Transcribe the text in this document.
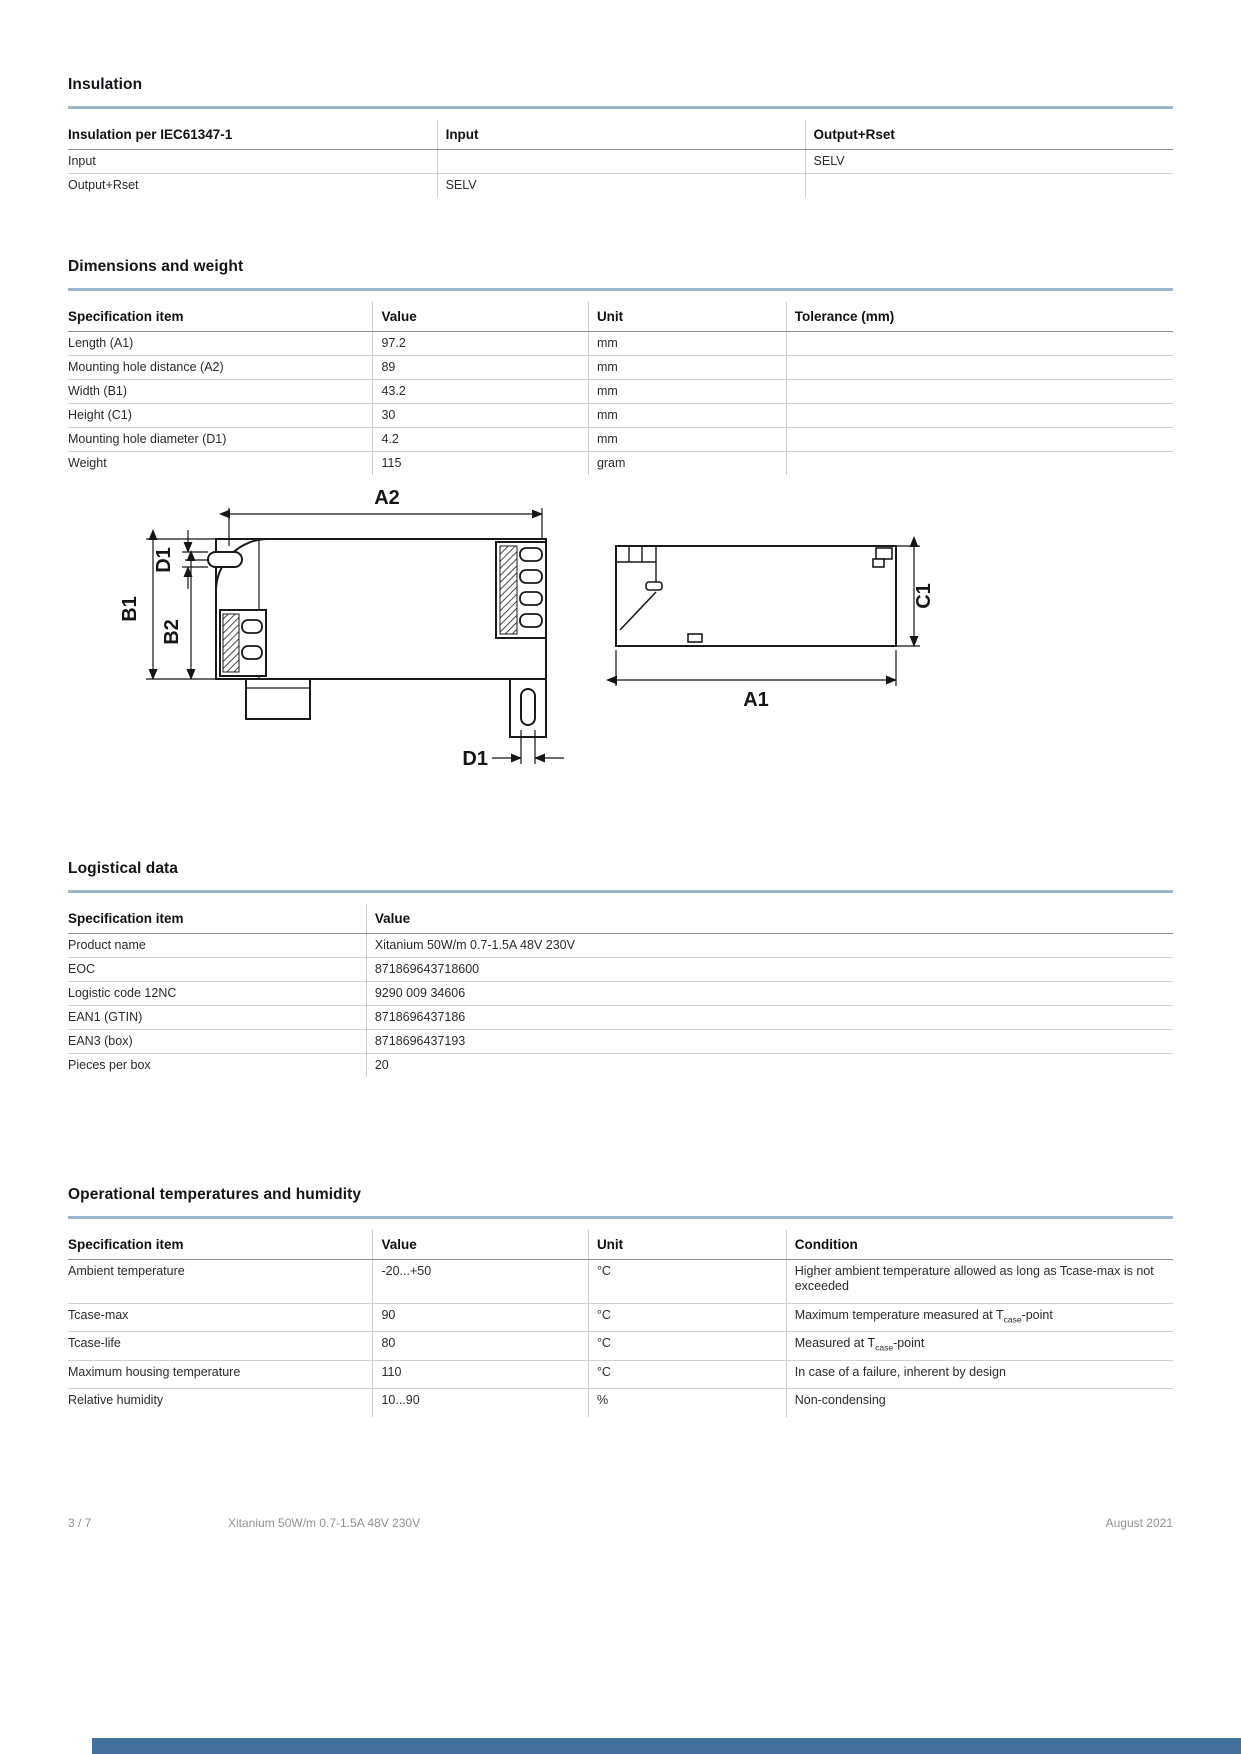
Insulation
Insulation per IEC61347-1	Input	Output+Rset
Input		SELV
Output+Rset	SELV	
Dimensions and weight
Specification item	Value	Unit	Tolerance (mm)
Length (A1)	97.2	mm	
Mounting hole distance (A2)	89	mm	
Width (B1)	43.2	mm	
Height (C1)	30	mm	
Mounting hole diameter (D1)	4.2	mm	
Weight	115	gram	
A2
D1
B1
B2
D1
C1
A1
Logistical data
Specification item	Value
Product name	Xitanium 50W/m 0.7-1.5A 48V 230V
EOC	871869643718600
Logistic code 12NC	9290 009 34606
EAN1 (GTIN)	8718696437186
EAN3 (box)	8718696437193
Pieces per box	20
Operational temperatures and humidity
Specification item	Value	Unit	Condition
Ambient temperature	-20...+50	°C	Higher ambient temperature allowed as long as Tcase-max is not exceeded
Tcase-max	90	°C	Maximum temperature measured at $T_{case}$-point
Tcase-life	80	°C	Measured at $T_{case}$-point
Maximum housing temperature	110	°C	In case of a failure, inherent by design
Relative humidity	10...90	%	Non-condensing
3 / 7	Xitanium 50W/m 0.7-1.5A 48V 230V	August 2021
